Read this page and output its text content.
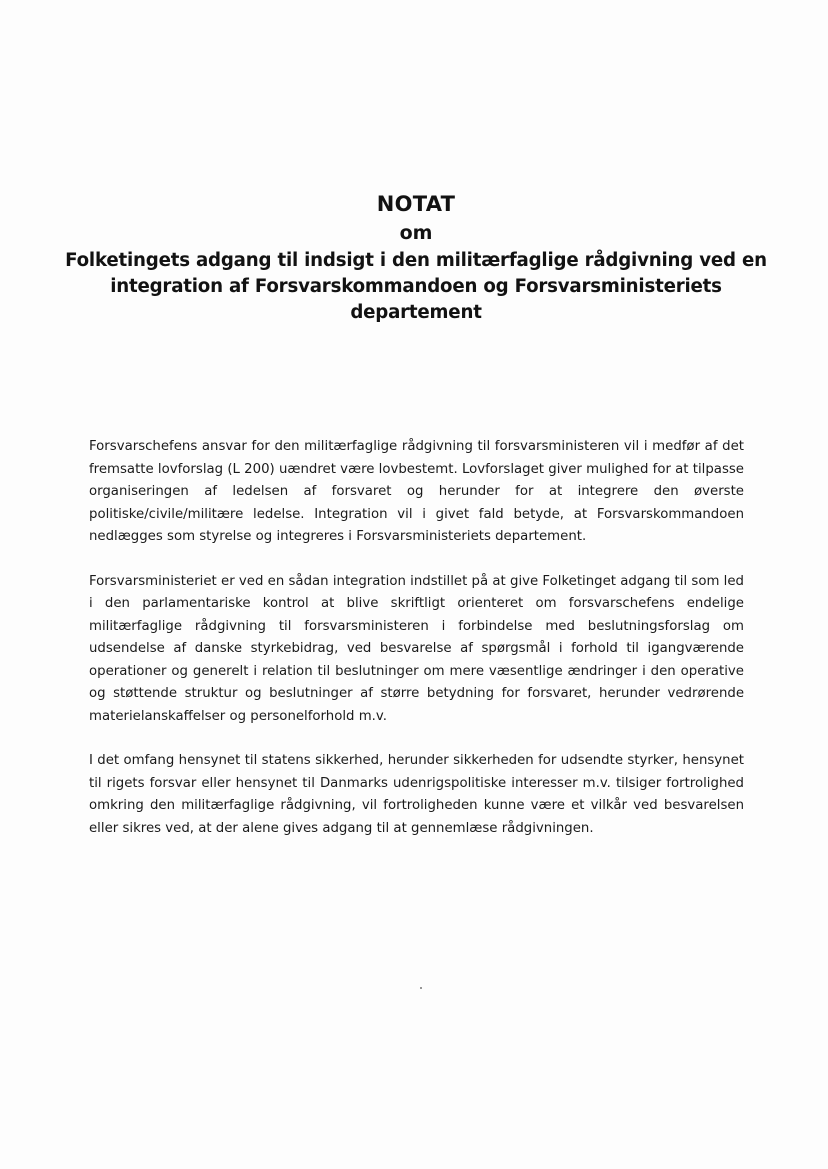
NOTAT
om
Folketingets adgang til indsigt i den militærfaglige rådgivning ved en integration af Forsvarskommandoen og Forsvarsministeriets departement

Forsvarschefens ansvar for den militærfaglige rådgivning til forsvarsministeren vil i medfør af det fremsatte lovforslag (L 200) uændret være lovbestemt. Lovforslaget giver mulighed for at tilpasse organiseringen af ledelsen af forsvaret og herunder for at integrere den øverste politiske/civile/militære ledelse. Integration vil i givet fald betyde, at Forsvarskommandoen nedlægges som styrelse og integreres i Forsvarsministeriets departement.

Forsvarsministeriet er ved en sådan integration indstillet på at give Folketinget adgang til som led i den parlamentariske kontrol at blive skriftligt orienteret om forsvarschefens endelige militærfaglige rådgivning til forsvarsministeren i forbindelse med beslutningsforslag om udsendelse af danske styrkebidrag, ved besvarelse af spørgsmål i forhold til igangværende operationer og generelt i relation til beslutninger om mere væsentlige ændringer i den operative og støttende struktur og beslutninger af større betydning for forsvaret, herunder vedrørende materielanskaffelser og personelforhold m.v.

I det omfang hensynet til statens sikkerhed, herunder sikkerheden for udsendte styrker, hensynet til rigets forsvar eller hensynet til Danmarks udenrigspolitiske interesser m.v. tilsiger fortrolighed omkring den militærfaglige rådgivning, vil fortroligheden kunne være et vilkår ved besvarelsen eller sikres ved, at der alene gives adgang til at gennemlæse rådgivningen.
